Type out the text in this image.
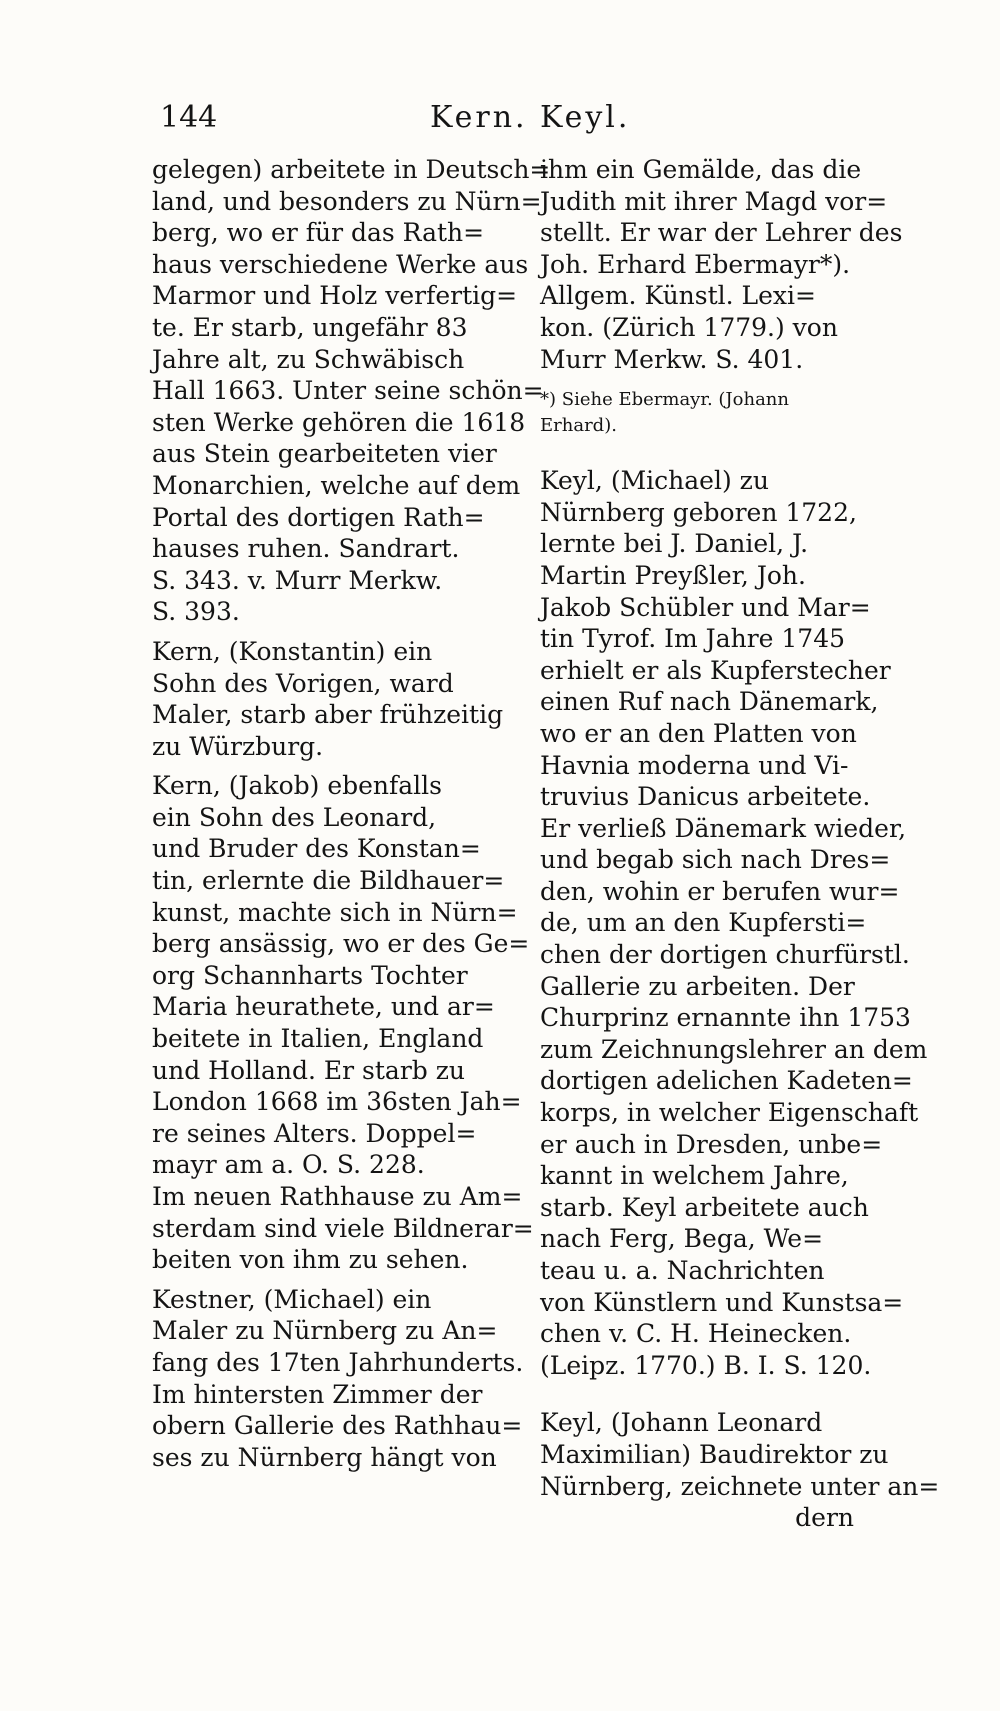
144	Kern. Keyl.
gelegen) arbeitete in Deutsch=
land, und besonders zu Nürn=
berg, wo er für das Rath=
haus verschiedene Werke aus
Marmor und Holz verfertig=
te. Er starb, ungefähr 83
Jahre alt, zu Schwäbisch
Hall 1663. Unter seine schön=
sten Werke gehören die 1618
aus Stein gearbeiteten vier
Monarchien, welche auf dem
Portal des dortigen Rath=
hauses ruhen. Sandrart.
S. 343. v. Murr Merkw.
S. 393.
Kern, (Konstantin) ein
Sohn des Vorigen, ward
Maler, starb aber frühzeitig
zu Würzburg.
Kern, (Jakob) ebenfalls
ein Sohn des Leonard,
und Bruder des Konstan=
tin, erlernte die Bildhauer=
kunst, machte sich in Nürn=
berg ansässig, wo er des Ge=
org Schannharts Tochter
Maria heurathete, und ar=
beitete in Italien, England
und Holland. Er starb zu
London 1668 im 36sten Jah=
re seines Alters. Doppel=
mayr am a. O. S. 228.
Im neuen Rathhause zu Am=
sterdam sind viele Bildnerar=
beiten von ihm zu sehen.
Kestner, (Michael) ein
Maler zu Nürnberg zu An=
fang des 17ten Jahrhunderts.
Im hintersten Zimmer der
obern Gallerie des Rathhau=
ses zu Nürnberg hängt von
ihm ein Gemälde, das die
Judith mit ihrer Magd vor=
stellt. Er war der Lehrer des
Joh. Erhard Ebermayr*).
Allgem. Künstl. Lexi=
kon. (Zürich 1779.) von
Murr Merkw. S. 401.
*) Siehe Ebermayr. (Johann
Erhard).
Keyl, (Michael) zu
Nürnberg geboren 1722,
lernte bei J. Daniel, J.
Martin Preyßler, Joh.
Jakob Schübler und Mar=
tin Tyrof. Im Jahre 1745
erhielt er als Kupferstecher
einen Ruf nach Dänemark,
wo er an den Platten von
Havnia moderna und Vi-
truvius Danicus arbeitete.
Er verließ Dänemark wieder,
und begab sich nach Dres=
den, wohin er berufen wur=
de, um an den Kupfersti=
chen der dortigen churfürstl.
Gallerie zu arbeiten. Der
Churprinz ernannte ihn 1753
zum Zeichnungslehrer an dem
dortigen adelichen Kadeten=
korps, in welcher Eigenschaft
er auch in Dresden, unbe=
kannt in welchem Jahre,
starb. Keyl arbeitete auch
nach Ferg, Bega, We=
teau u. a. Nachrichten
von Künstlern und Kunstsa=
chen v. C. H. Heinecken.
(Leipz. 1770.) B. I. S. 120.
Keyl, (Johann Leonard
Maximilian) Baudirektor zu
Nürnberg, zeichnete unter an=
dern
